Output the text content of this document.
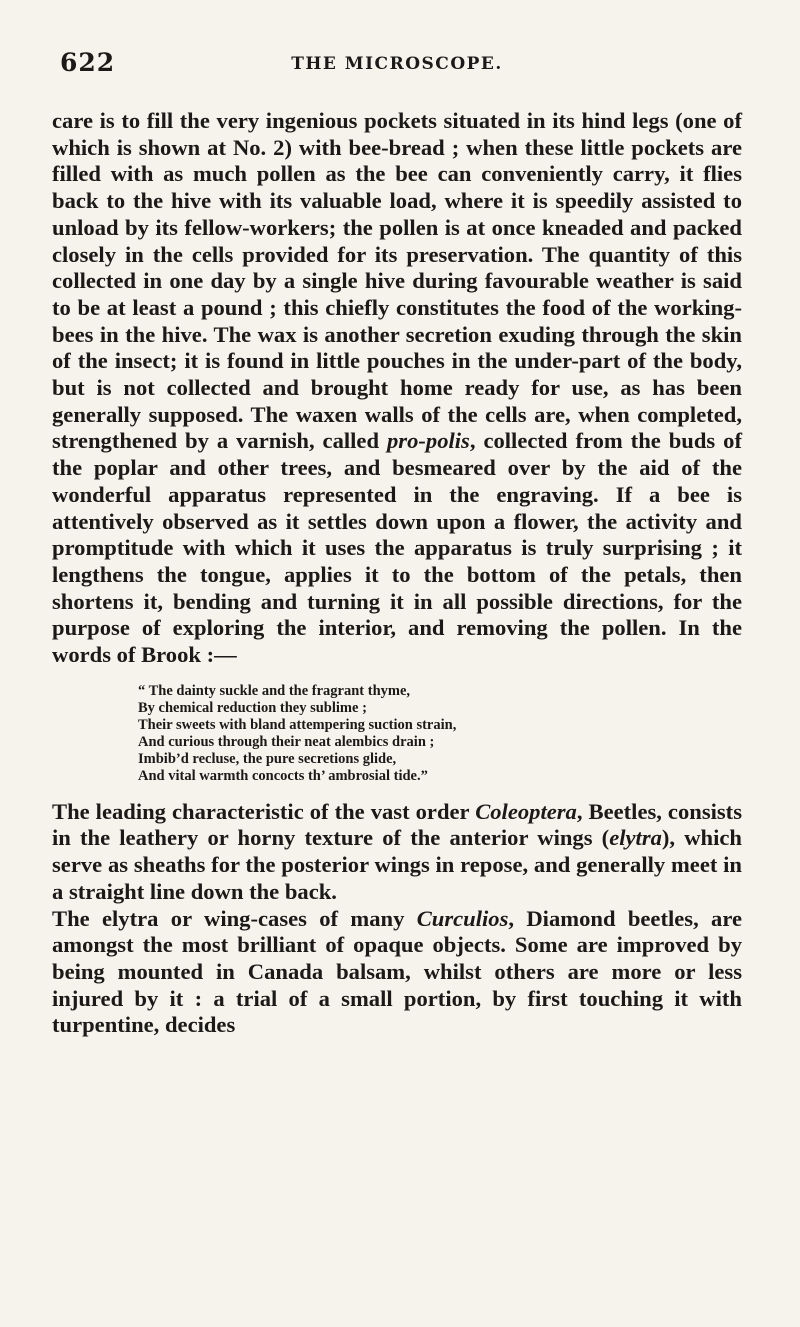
622	THE MICROSCOPE.

care is to fill the very ingenious pockets situated in its hind legs (one of which is shown at No. 2) with bee-bread ; when these little pockets are filled with as much pollen as the bee can conveniently carry, it flies back to the hive with its valuable load, where it is speedily assisted to unload by its fellow-workers; the pollen is at once kneaded and packed closely in the cells provided for its preservation. The quantity of this collected in one day by a single hive during favourable weather is said to be at least a pound ; this chiefly constitutes the food of the working-bees in the hive. The wax is another secretion exuding through the skin of the insect; it is found in little pouches in the under-part of the body, but is not collected and brought home ready for use, as has been generally supposed. The waxen walls of the cells are, when completed, strengthened by a varnish, called pro-polis, collected from the buds of the poplar and other trees, and besmeared over by the aid of the wonderful apparatus represented in the engraving. If a bee is attentively observed as it settles down upon a flower, the activity and promptitude with which it uses the apparatus is truly surprising ; it lengthens the tongue, applies it to the bottom of the petals, then shortens it, bending and turning it in all possible directions, for the purpose of exploring the interior, and removing the pollen. In the words of Brook :—

“ The dainty suckle and the fragrant thyme,
By chemical reduction they sublime ;
Their sweets with bland attempering suction strain,
And curious through their neat alembics drain ;
Imbib’d recluse, the pure secretions glide,
And vital warmth concocts th’ ambrosial tide.”

The leading characteristic of the vast order Coleoptera, Beetles, consists in the leathery or horny texture of the anterior wings (elytra), which serve as sheaths for the posterior wings in repose, and generally meet in a straight line down the back.

The elytra or wing-cases of many Curculios, Diamond beetles, are amongst the most brilliant of opaque objects. Some are improved by being mounted in Canada balsam, whilst others are more or less injured by it : a trial of a small portion, by first touching it with turpentine, decides
